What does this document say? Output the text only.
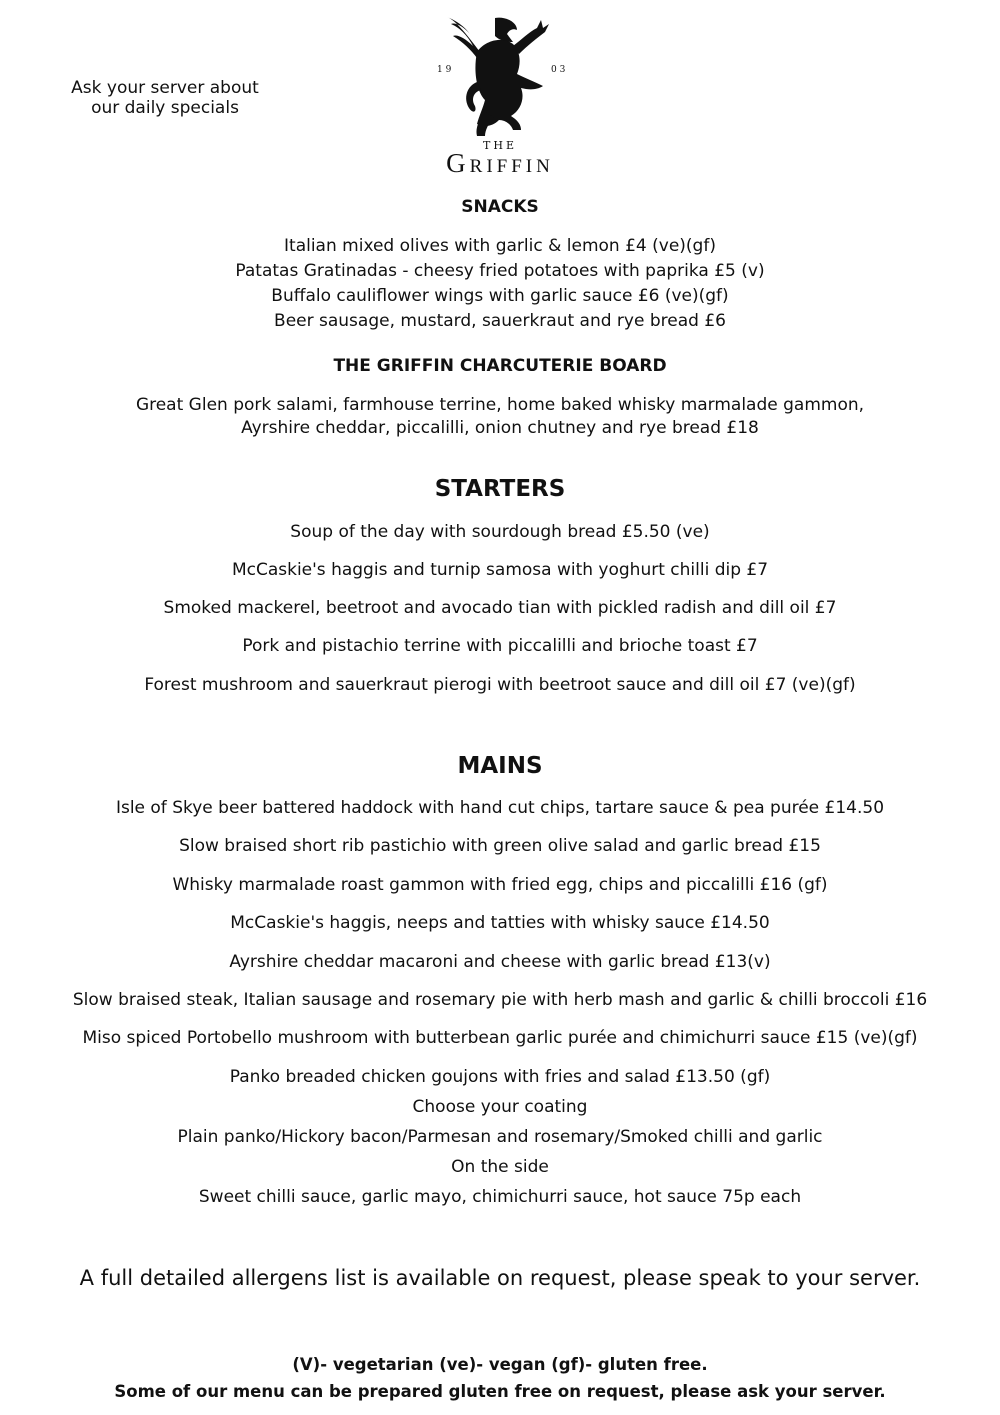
Ask your server about
our daily specials
1 9	0 3
THE
GRIFFIN
SNACKS
Italian mixed olives with garlic & lemon £4 (ve)(gf)
Patatas Gratinadas - cheesy fried potatoes with paprika £5 (v)
Buffalo cauliflower wings with garlic sauce £6 (ve)(gf)
Beer sausage, mustard, sauerkraut and rye bread £6
THE GRIFFIN CHARCUTERIE BOARD
Great Glen pork salami, farmhouse terrine, home baked whisky marmalade gammon,
Ayrshire cheddar, piccalilli, onion chutney and rye bread £18
STARTERS
Soup of the day with sourdough bread £5.50 (ve)
McCaskie's haggis and turnip samosa with yoghurt chilli dip £7
Smoked mackerel, beetroot and avocado tian with pickled radish and dill oil £7
Pork and pistachio terrine with piccalilli and brioche toast £7
Forest mushroom and sauerkraut pierogi with beetroot sauce and dill oil £7 (ve)(gf)
MAINS
Isle of Skye beer battered haddock with hand cut chips, tartare sauce & pea purée £14.50
Slow braised short rib pastichio with green olive salad and garlic bread £15
Whisky marmalade roast gammon with fried egg, chips and piccalilli £16 (gf)
McCaskie's haggis, neeps and tatties with whisky sauce £14.50
Ayrshire cheddar macaroni and cheese with garlic bread £13(v)
Slow braised steak, Italian sausage and rosemary pie with herb mash and garlic & chilli broccoli £16
Miso spiced Portobello mushroom with butterbean garlic purée and chimichurri sauce £15 (ve)(gf)
Panko breaded chicken goujons with fries and salad £13.50 (gf)
Choose your coating
Plain panko/Hickory bacon/Parmesan and rosemary/Smoked chilli and garlic
On the side
Sweet chilli sauce, garlic mayo, chimichurri sauce, hot sauce 75p each
A full detailed allergens list is available on request, please speak to your server.
(V)- vegetarian (ve)- vegan (gf)- gluten free.
Some of our menu can be prepared gluten free on request, please ask your server.
